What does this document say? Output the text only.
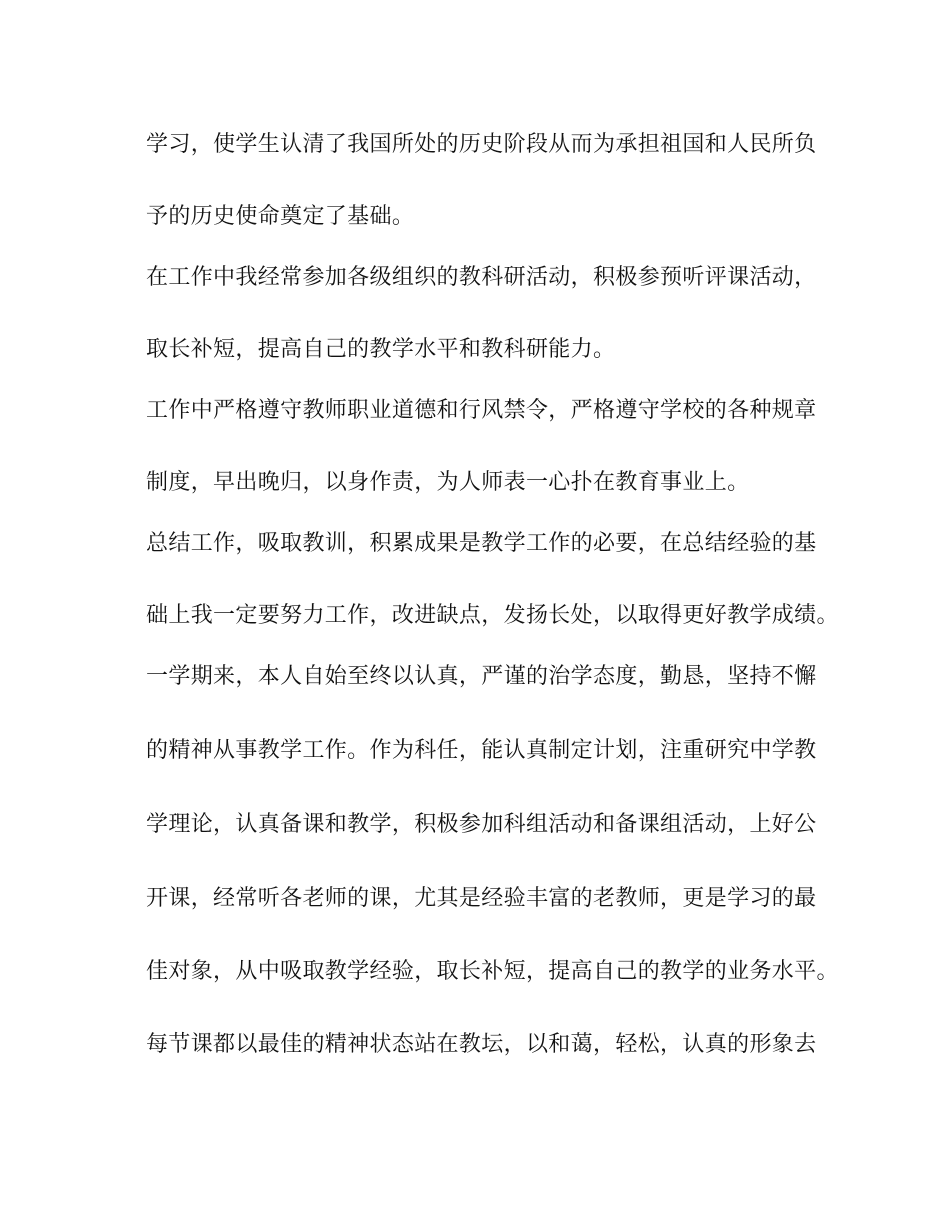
学习，使学生认清了我国所处的历史阶段从而为承担祖国和人民所负
予的历史使命奠定了基础。
在工作中我经常参加各级组织的教科研活动，积极参预听评课活动，
取长补短，提高自己的教学水平和教科研能力。
工作中严格遵守教师职业道德和行风禁令，严格遵守学校的各种规章
制度，早出晚归，以身作责，为人师表一心扑在教育事业上。
总结工作，吸取教训，积累成果是教学工作的必要，在总结经验的基
础上我一定要努力工作，改进缺点，发扬长处，以取得更好教学成绩。
一学期来，本人自始至终以认真，严谨的治学态度，勤恳，坚持不懈
的精神从事教学工作。作为科任，能认真制定计划，注重研究中学教
学理论，认真备课和教学，积极参加科组活动和备课组活动，上好公
开课，经常听各老师的课，尤其是经验丰富的老教师，更是学习的最
佳对象，从中吸取教学经验，取长补短，提高自己的教学的业务水平。
每节课都以最佳的精神状态站在教坛，以和蔼，轻松，认真的形象去
